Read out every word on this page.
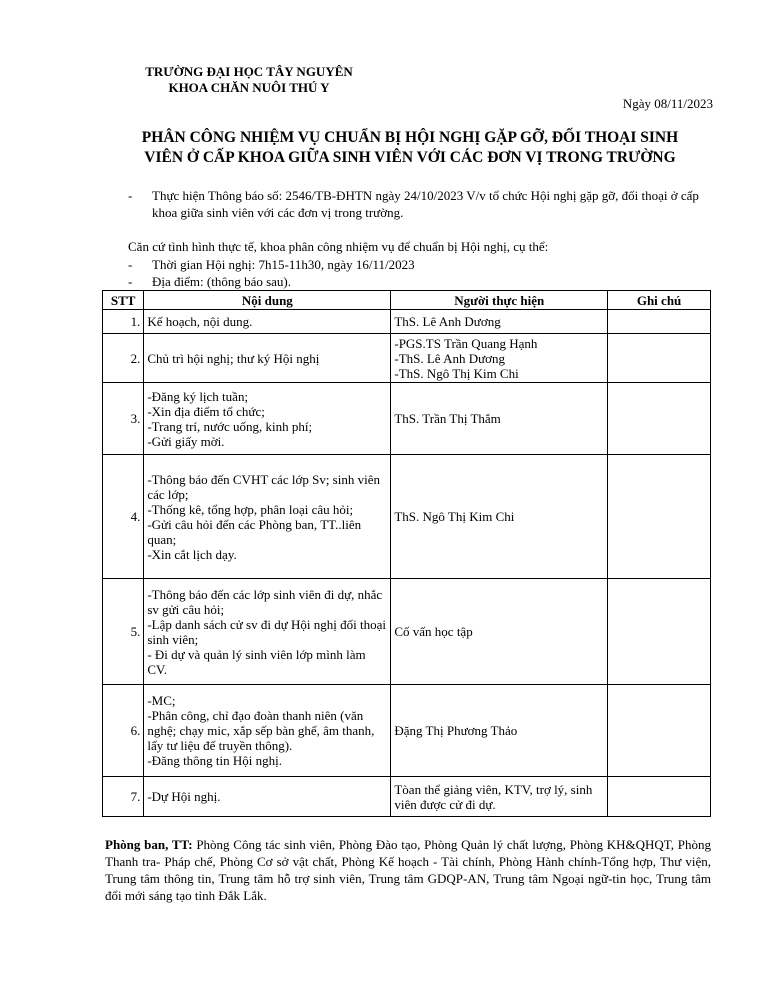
TRƯỜNG ĐẠI HỌC TÂY NGUYÊN
KHOA CHĂN NUÔI THÚ Y
Ngày 08/11/2023
PHÂN CÔNG NHIỆM VỤ CHUẨN BỊ HỘI NGHỊ GẶP GỠ, ĐỐI THOẠI SINH
VIÊN Ở CẤP KHOA GIỮA SINH VIÊN VỚI CÁC ĐƠN VỊ TRONG TRƯỜNG
- Thực hiện Thông báo số: 2546/TB-ĐHTN ngày 24/10/2023 V/v tổ chức Hội nghị gặp gỡ, đối thoại ở cấp khoa giữa sinh viên với các đơn vị trong trường.
Căn cứ tình hình thực tế, khoa phân công nhiệm vụ để chuẩn bị Hội nghị, cụ thể:
- Thời gian Hội nghị: 7h15-11h30, ngày 16/11/2023
- Địa điểm: (thông báo sau).
STT	Nội dung	Người thực hiện	Ghi chú
1.	Kế hoạch, nội dung.	ThS. Lê Anh Dương	

2.	Chủ trì hội nghị; thư ký Hội nghị	-PGS.TS Trần Quang Hạnh
-ThS. Lê Anh Dương
-ThS. Ngô Thị Kim Chi	

3.	-Đăng ký lịch tuần;
-Xin địa điểm tổ chức;
-Trang trí, nước uống, kinh phí;
-Gửi giấy mời.	ThS. Trần Thị Thắm	

4.	-Thông báo đến CVHT các lớp Sv; sinh viên các lớp;
-Thống kê, tổng hợp, phân loại câu hỏi;
-Gửi câu hỏi đến các Phòng ban, TT..liên quan;
-Xin cắt lịch dạy.	ThS. Ngô Thị Kim Chi	

5.	-Thông báo đến các lớp sinh viên đi dự, nhắc sv gửi câu hỏi;
-Lập danh sách cử sv đi dự Hội nghị đối thoại sinh viên;
- Đi dự và quản lý sinh viên lớp mình làm CV.	Cố vấn học tập	

6.	-MC;
-Phân công, chỉ đạo đoàn thanh niên (văn nghệ; chạy mic, xắp sếp bàn ghế, âm thanh, lấy tư liệu để truyền thông).
-Đăng thông tin Hội nghị.	Đặng Thị Phương Thảo	

7.	-Dự Hội nghị.	Tòan thể giảng viên, KTV, trợ lý, sinh viên được cử đi dự.	

Phòng ban, TT: Phòng Công tác sinh viên, Phòng Đào tạo, Phòng Quản lý chất lượng, Phòng KH&QHQT, Phòng Thanh tra- Pháp chế, Phòng Cơ sở vật chất, Phòng Kế hoạch - Tài chính, Phòng Hành chính-Tổng hợp, Thư viện, Trung tâm thông tin, Trung tâm hỗ trợ sinh viên, Trung tâm GDQP-AN, Trung tâm Ngoại ngữ-tin học, Trung tâm đổi mới sáng tạo tỉnh Đắk Lắk.
